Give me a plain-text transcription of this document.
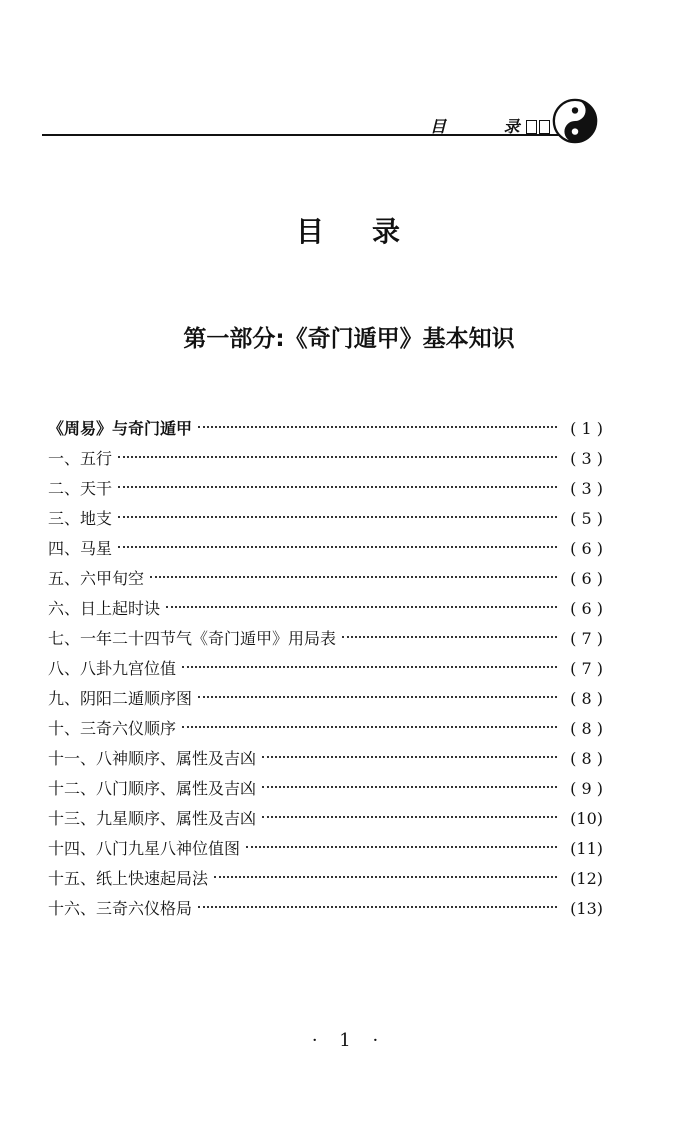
目 录
目 录
第一部分:《奇门遁甲》基本知识
《周易》与奇门遁甲	( 1 )
一、五行	( 3 )
二、天干	( 3 )
三、地支	( 5 )
四、马星	( 6 )
五、六甲旬空	( 6 )
六、日上起时诀	( 6 )
七、一年二十四节气《奇门遁甲》用局表	( 7 )
八、八卦九宫位值	( 7 )
九、阴阳二遁顺序图	( 8 )
十、三奇六仪顺序	( 8 )
十一、八神顺序、属性及吉凶	( 8 )
十二、八门顺序、属性及吉凶	( 9 )
十三、九星顺序、属性及吉凶	(10)
十四、八门九星八神位值图	(11)
十五、纸上快速起局法	(12)
十六、三奇六仪格局	(13)
· 1 ·
